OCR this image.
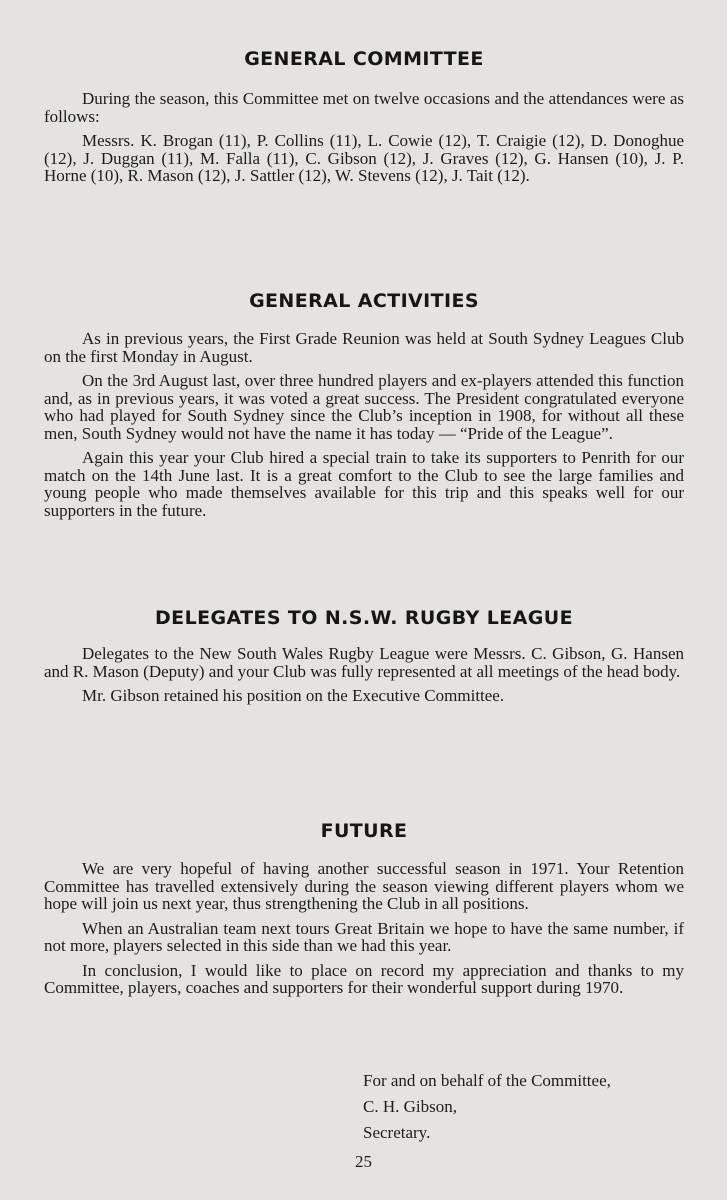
GENERAL COMMITTEE

During the season, this Committee met on twelve occasions and the attendances were as follows:

Messrs. K. Brogan (11), P. Collins (11), L. Cowie (12), T. Craigie (12), D. Donoghue (12), J. Duggan (11), M. Falla (11), C. Gibson (12), J. Graves (12), G. Hansen (10), J. P. Horne (10), R. Mason (12), J. Sattler (12), W. Stevens (12), J. Tait (12).

GENERAL ACTIVITIES

As in previous years, the First Grade Reunion was held at South Sydney Leagues Club on the first Monday in August.

On the 3rd August last, over three hundred players and ex-players attended this function and, as in previous years, it was voted a great success. The President congratulated everyone who had played for South Sydney since the Club’s inception in 1908, for without all these men, South Sydney would not have the name it has today — “Pride of the League”.

Again this year your Club hired a special train to take its supporters to Penrith for our match on the 14th June last. It is a great comfort to the Club to see the large families and young people who made themselves available for this trip and this speaks well for our supporters in the future.

DELEGATES TO N.S.W. RUGBY LEAGUE

Delegates to the New South Wales Rugby League were Messrs. C. Gibson, G. Hansen and R. Mason (Deputy) and your Club was fully represented at all meetings of the head body.

Mr. Gibson retained his position on the Executive Committee.

FUTURE

We are very hopeful of having another successful season in 1971. Your Retention Committee has travelled extensively during the season viewing different players whom we hope will join us next year, thus strengthening the Club in all positions.

When an Australian team next tours Great Britain we hope to have the same number, if not more, players selected in this side than we had this year.

In conclusion, I would like to place on record my appreciation and thanks to my Committee, players, coaches and supporters for their wonderful support during 1970.

For and on behalf of the Committee,
C. H. Gibson,
Secretary.
25
